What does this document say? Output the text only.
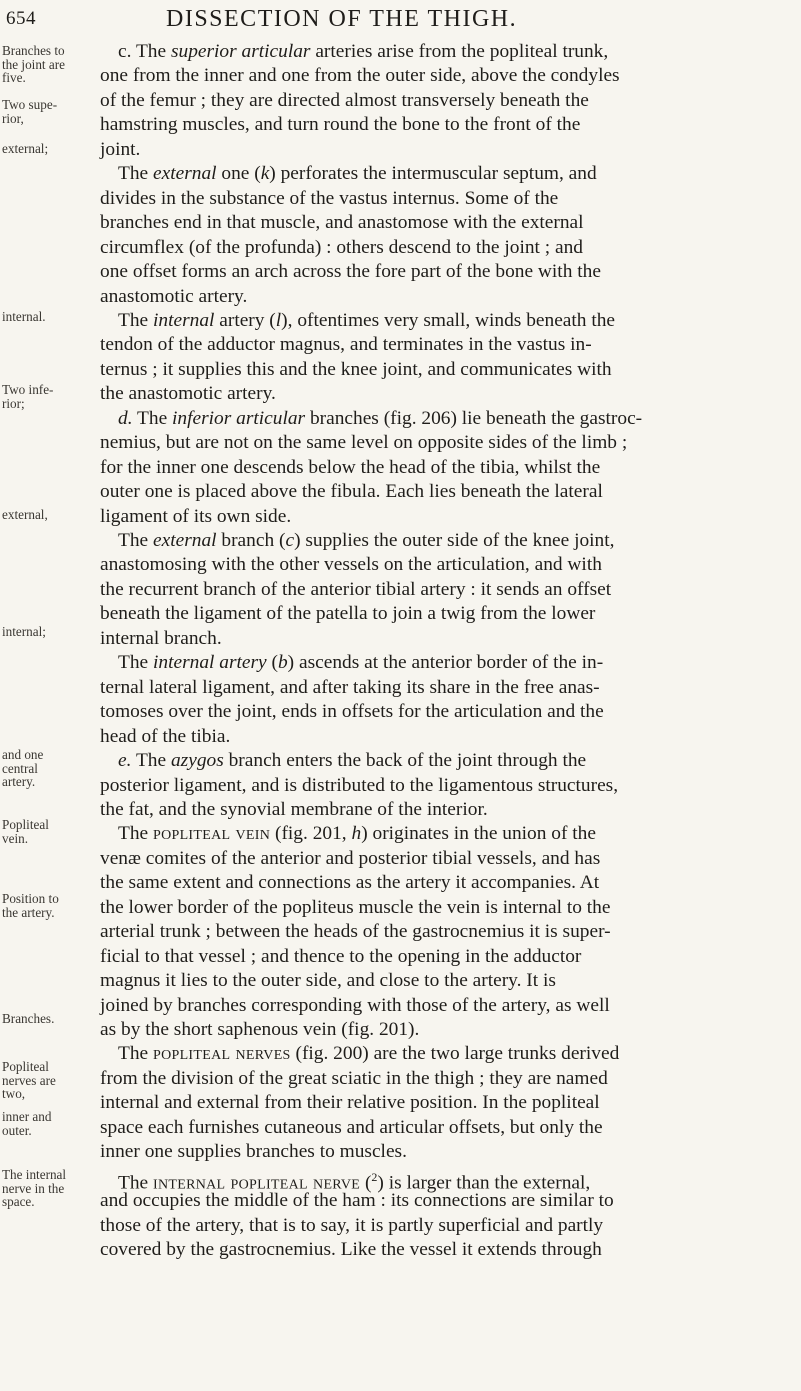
654	DISSECTION OF THE THIGH.
Branches to
the joint are
five.
Two supe-
rior,
external;
internal.
Two infe-
rior;
external,
internal;
and one
central
artery.
Popliteal
vein.
Position to
the artery.
Branches.
Popliteal
nerves are
two,
inner and
outer.
The internal
nerve in the
space.
c. The superior articular arteries arise from the popliteal trunk,
one from the inner and one from the outer side, above the condyles
of the femur ; they are directed almost transversely beneath the
hamstring muscles, and turn round the bone to the front of the
joint.
The external one (k) perforates the intermuscular septum, and
divides in the substance of the vastus internus. Some of the
branches end in that muscle, and anastomose with the external
circumflex (of the profunda) : others descend to the joint ; and
one offset forms an arch across the fore part of the bone with the
anastomotic artery.
The internal artery (l), oftentimes very small, winds beneath the
tendon of the adductor magnus, and terminates in the vastus in-
ternus ; it supplies this and the knee joint, and communicates with
the anastomotic artery.
d. The inferior articular branches (fig. 206) lie beneath the gastroc-
nemius, but are not on the same level on opposite sides of the limb ;
for the inner one descends below the head of the tibia, whilst the
outer one is placed above the fibula. Each lies beneath the lateral
ligament of its own side.
The external branch (c) supplies the outer side of the knee joint,
anastomosing with the other vessels on the articulation, and with
the recurrent branch of the anterior tibial artery : it sends an offset
beneath the ligament of the patella to join a twig from the lower
internal branch.
The internal artery (b) ascends at the anterior border of the in-
ternal lateral ligament, and after taking its share in the free anas-
tomoses over the joint, ends in offsets for the articulation and the
head of the tibia.
e. The azygos branch enters the back of the joint through the
posterior ligament, and is distributed to the ligamentous structures,
the fat, and the synovial membrane of the interior.
The popliteal vein (fig. 201, h) originates in the union of the
venæ comites of the anterior and posterior tibial vessels, and has
the same extent and connections as the artery it accompanies. At
the lower border of the popliteus muscle the vein is internal to the
arterial trunk ; between the heads of the gastrocnemius it is super-
ficial to that vessel ; and thence to the opening in the adductor
magnus it lies to the outer side, and close to the artery. It is
joined by branches corresponding with those of the artery, as well
as by the short saphenous vein (fig. 201).
The popliteal nerves (fig. 200) are the two large trunks derived
from the division of the great sciatic in the thigh ; they are named
internal and external from their relative position. In the popliteal
space each furnishes cutaneous and articular offsets, but only the
inner one supplies branches to muscles.
The internal popliteal nerve ($^2$) is larger than the external,
and occupies the middle of the ham : its connections are similar to
those of the artery, that is to say, it is partly superficial and partly
covered by the gastrocnemius. Like the vessel it extends through
